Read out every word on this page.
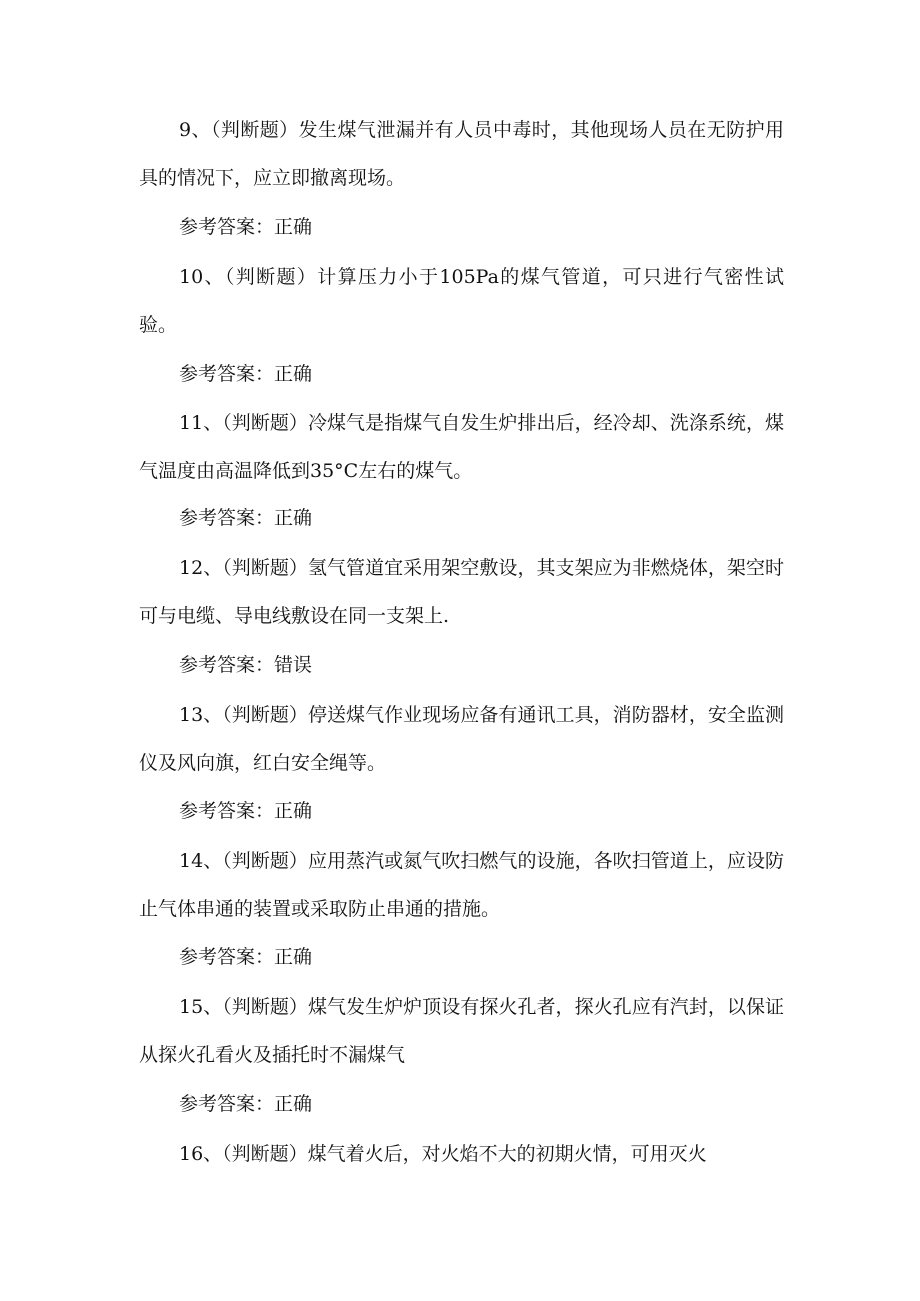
9、（判断题）发生煤气泄漏并有人员中毒时，其他现场人员在无防护用具的情况下，应立即撤离现场。

参考答案：正确

10、（判断题）计算压力小于105Pa的煤气管道，可只进行气密性试验。

参考答案：正确

11、（判断题）冷煤气是指煤气自发生炉排出后，经冷却、洗涤系统，煤气温度由高温降低到35°C左右的煤气。

参考答案：正确

12、（判断题）氢气管道宜采用架空敷设，其支架应为非燃烧体，架空时可与电缆、导电线敷设在同一支架上.

参考答案：错误

13、（判断题）停送煤气作业现场应备有通讯工具，消防器材，安全监测仪及风向旗，红白安全绳等。

参考答案：正确

14、（判断题）应用蒸汽或氮气吹扫燃气的设施，各吹扫管道上，应设防止气体串通的装置或采取防止串通的措施。

参考答案：正确

15、（判断题）煤气发生炉炉顶设有探火孔者，探火孔应有汽封，以保证从探火孔看火及插托时不漏煤气

参考答案：正确

16、（判断题）煤气着火后，对火焰不大的初期火情，可用灭火
